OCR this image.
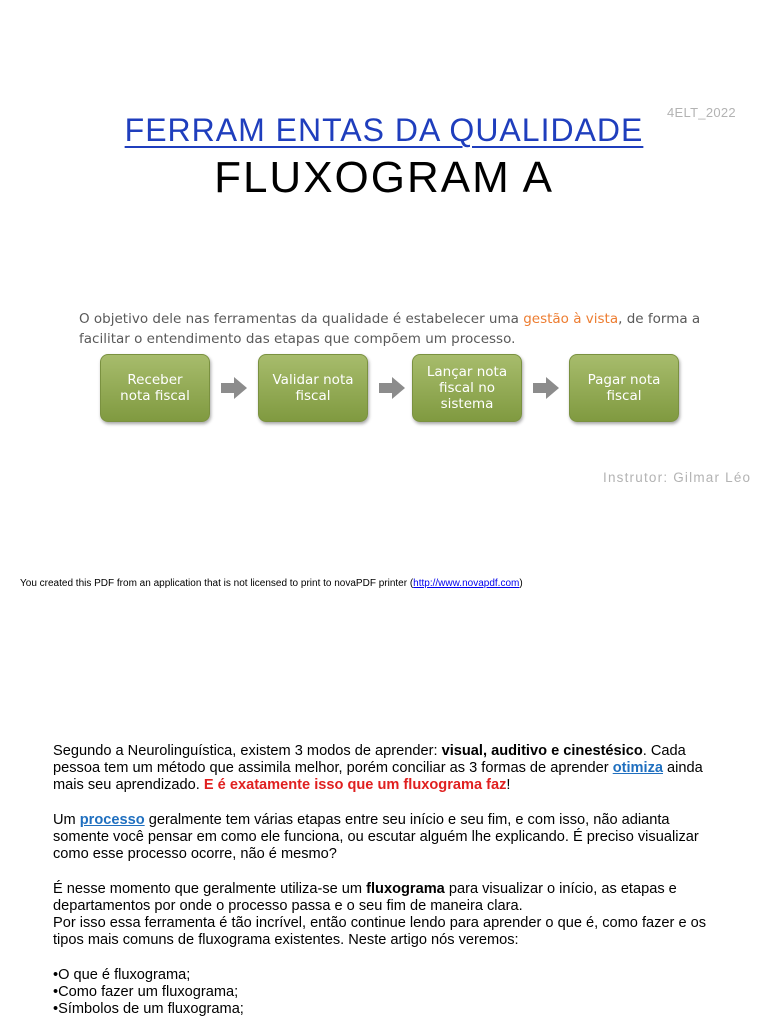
4ELT_2022
FERRAM ENTAS DA QUALIDADE
FLUXOGRAM A
O objetivo dele nas ferramentas da qualidade é estabelecer uma gestão à vista, de forma a facilitar o entendimento das etapas que compõem um processo.
Receber nota fiscal
Validar nota fiscal
Lançar nota fiscal no sistema
Pagar nota fiscal
Instrutor: Gilmar Léo
You created this PDF from an application that is not licensed to print to novaPDF printer (http://www.novapdf.com)

Segundo a Neurolinguística, existem 3 modos de aprender: visual, auditivo e cinestésico. Cada pessoa tem um método que assimila melhor, porém conciliar as 3 formas de aprender otimiza ainda mais seu aprendizado. E é exatamente isso que um fluxograma faz!

Um processo geralmente tem várias etapas entre seu início e seu fim, e com isso, não adianta somente você pensar em como ele funciona, ou escutar alguém lhe explicando. É preciso visualizar como esse processo ocorre, não é mesmo?

É nesse momento que geralmente utiliza-se um fluxograma para visualizar o início, as etapas e departamentos por onde o processo passa e o seu fim de maneira clara.

Por isso essa ferramenta é tão incrível, então continue lendo para aprender o que é, como fazer e os tipos mais comuns de fluxograma existentes. Neste artigo nós veremos:

•O que é fluxograma;

•Como fazer um fluxograma;

•Símbolos de um fluxograma;
